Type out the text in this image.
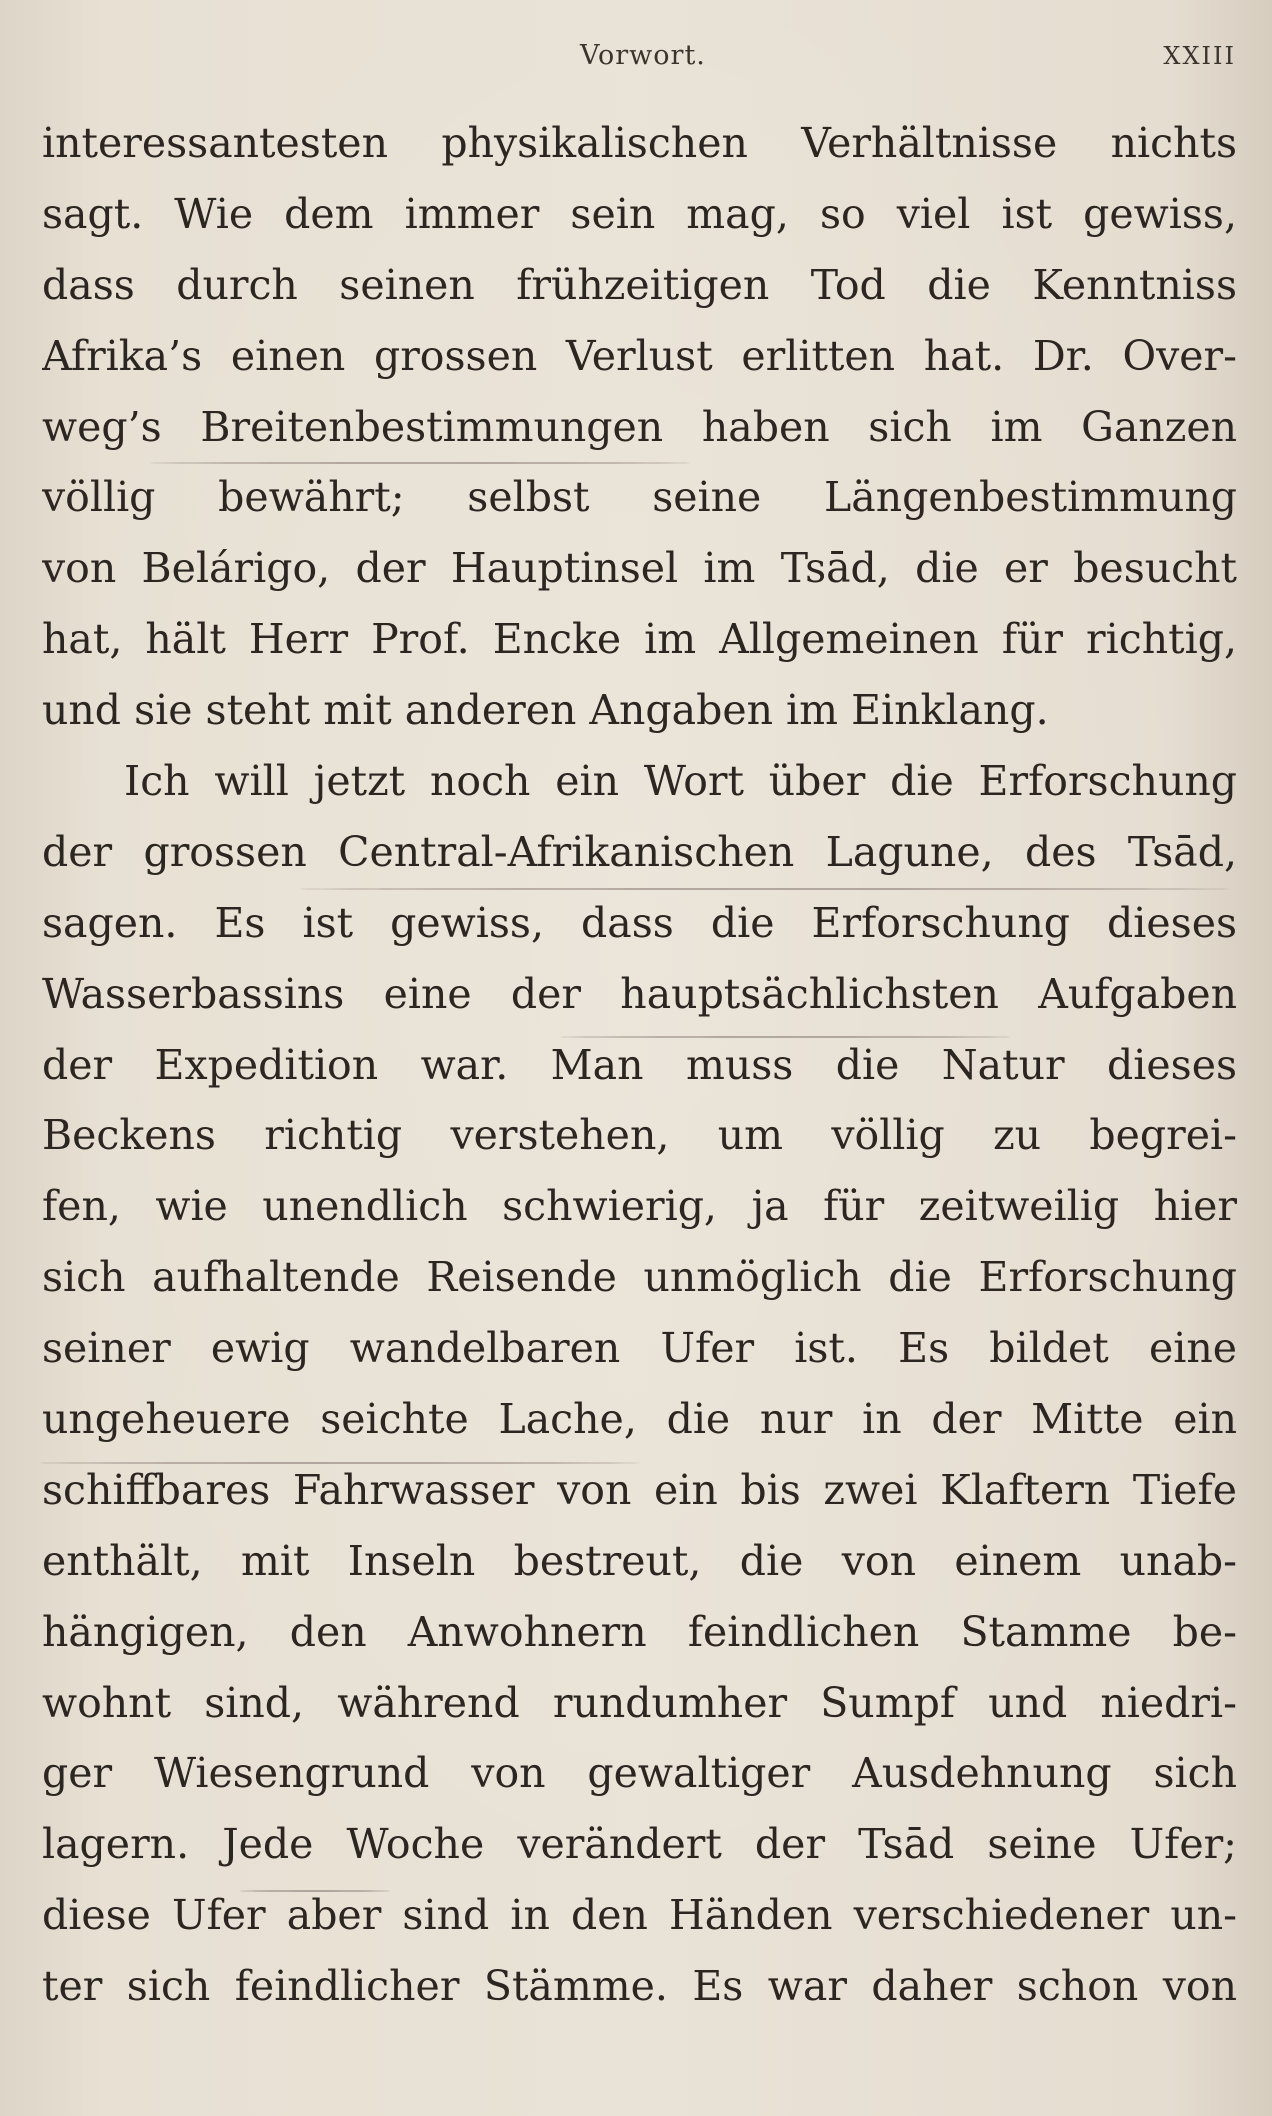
Vorwort.	XXIII
interessantesten physikalischen Verhältnisse nichts
sagt. Wie dem immer sein mag, so viel ist gewiss,
dass durch seinen frühzeitigen Tod die Kenntniss
Afrika’s einen grossen Verlust erlitten hat. Dr. Over-
weg’s Breitenbestimmungen haben sich im Ganzen
völlig bewährt; selbst seine Längenbestimmung
von Belárigo, der Hauptinsel im Tsād, die er besucht
hat, hält Herr Prof. Encke im Allgemeinen für richtig,
und sie steht mit anderen Angaben im Einklang.
Ich will jetzt noch ein Wort über die Erforschung
der grossen Central-Afrikanischen Lagune, des Tsād,
sagen. Es ist gewiss, dass die Erforschung dieses
Wasserbassins eine der hauptsächlichsten Aufgaben
der Expedition war. Man muss die Natur dieses
Beckens richtig verstehen, um völlig zu begrei-
fen, wie unendlich schwierig, ja für zeitweilig hier
sich aufhaltende Reisende unmöglich die Erforschung
seiner ewig wandelbaren Ufer ist. Es bildet eine
ungeheuere seichte Lache, die nur in der Mitte ein
schiffbares Fahrwasser von ein bis zwei Klaftern Tiefe
enthält, mit Inseln bestreut, die von einem unab-
hängigen, den Anwohnern feindlichen Stamme be-
wohnt sind, während rundumher Sumpf und niedri-
ger Wiesengrund von gewaltiger Ausdehnung sich
lagern. Jede Woche verändert der Tsād seine Ufer;
diese Ufer aber sind in den Händen verschiedener un-
ter sich feindlicher Stämme. Es war daher schon von
